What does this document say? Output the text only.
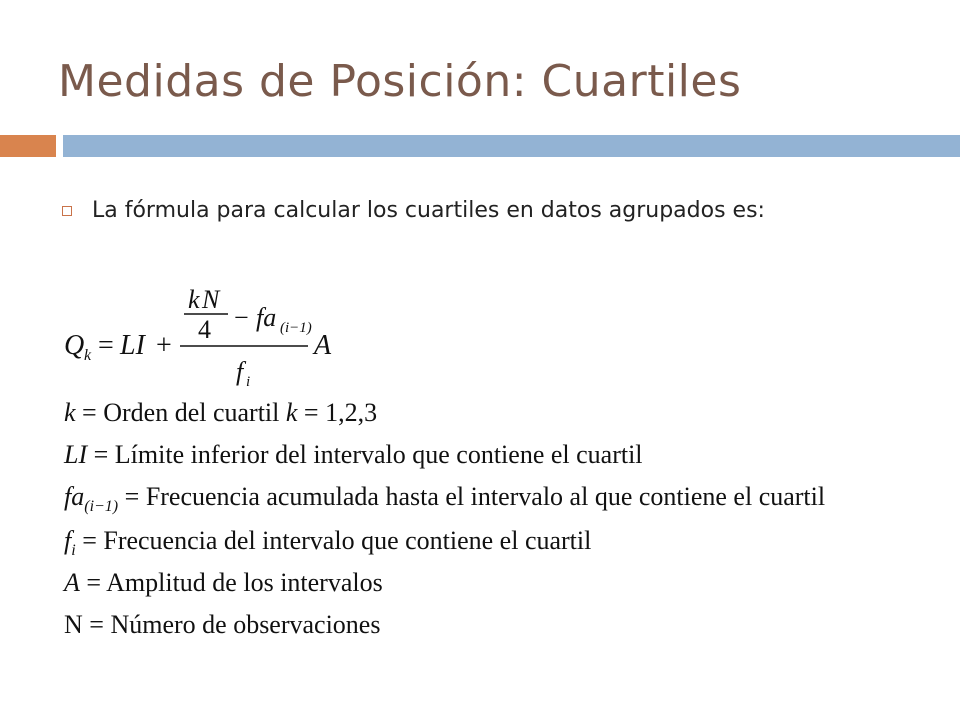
Medidas de Posición: Cuartiles
La fórmula para calcular los cuartiles en datos agrupados es:
Q k = LI +
k N
4 − fa (i−1)
f i
A
k = Orden del cuartil k = 1,2,3
LI = Límite inferior del intervalo que contiene el cuartil
$fa_{(i-1)}$ = Frecuencia acumulada hasta el intervalo al que contiene el cuartil
$f_i$ = Frecuencia del intervalo que contiene el cuartil
A = Amplitud de los intervalos
N = Número de observaciones
